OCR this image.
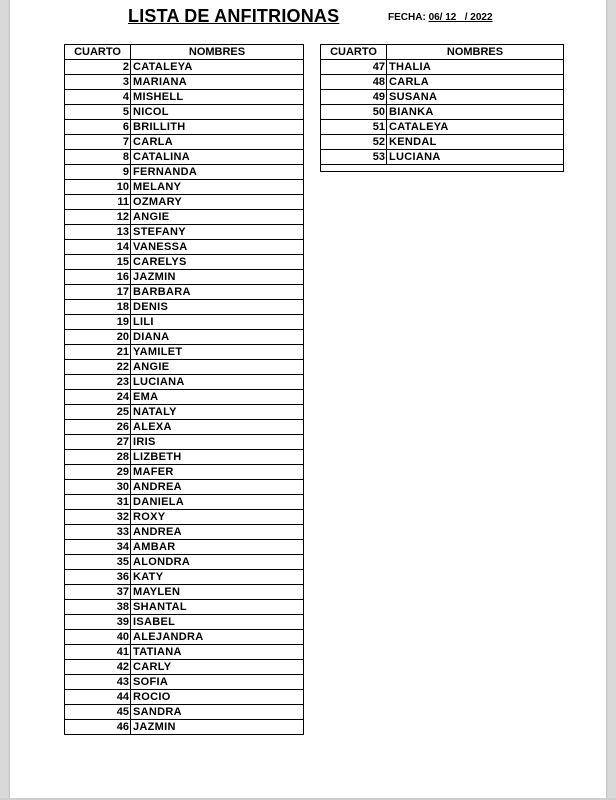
LISTA DE ANFITRIONAS	FECHA: 06/ 12   / 2022
CUARTO	NOMBRES
2	CATALEYA
3	MARIANA
4	MISHELL
5	NICOL
6	BRILLITH
7	CARLA
8	CATALINA
9	FERNANDA
10	MELANY
11	OZMARY
12	ANGIE
13	STEFANY
14	VANESSA
15	CARELYS
16	JAZMIN
17	BARBARA
18	DENIS
19	LILI
20	DIANA
21	YAMILET
22	ANGIE
23	LUCIANA
24	EMA
25	NATALY
26	ALEXA
27	IRIS
28	LIZBETH
29	MAFER
30	ANDREA
31	DANIELA
32	ROXY
33	ANDREA
34	AMBAR
35	ALONDRA
36	KATY
37	MAYLEN
38	SHANTAL
39	ISABEL
40	ALEJANDRA
41	TATIANA
42	CARLY
43	SOFIA
44	ROCIO
45	SANDRA
46	JAZMIN
CUARTO	NOMBRES
47	THALIA
48	CARLA
49	SUSANA
50	BIANKA
51	CATALEYA
52	KENDAL
53	LUCIANA
